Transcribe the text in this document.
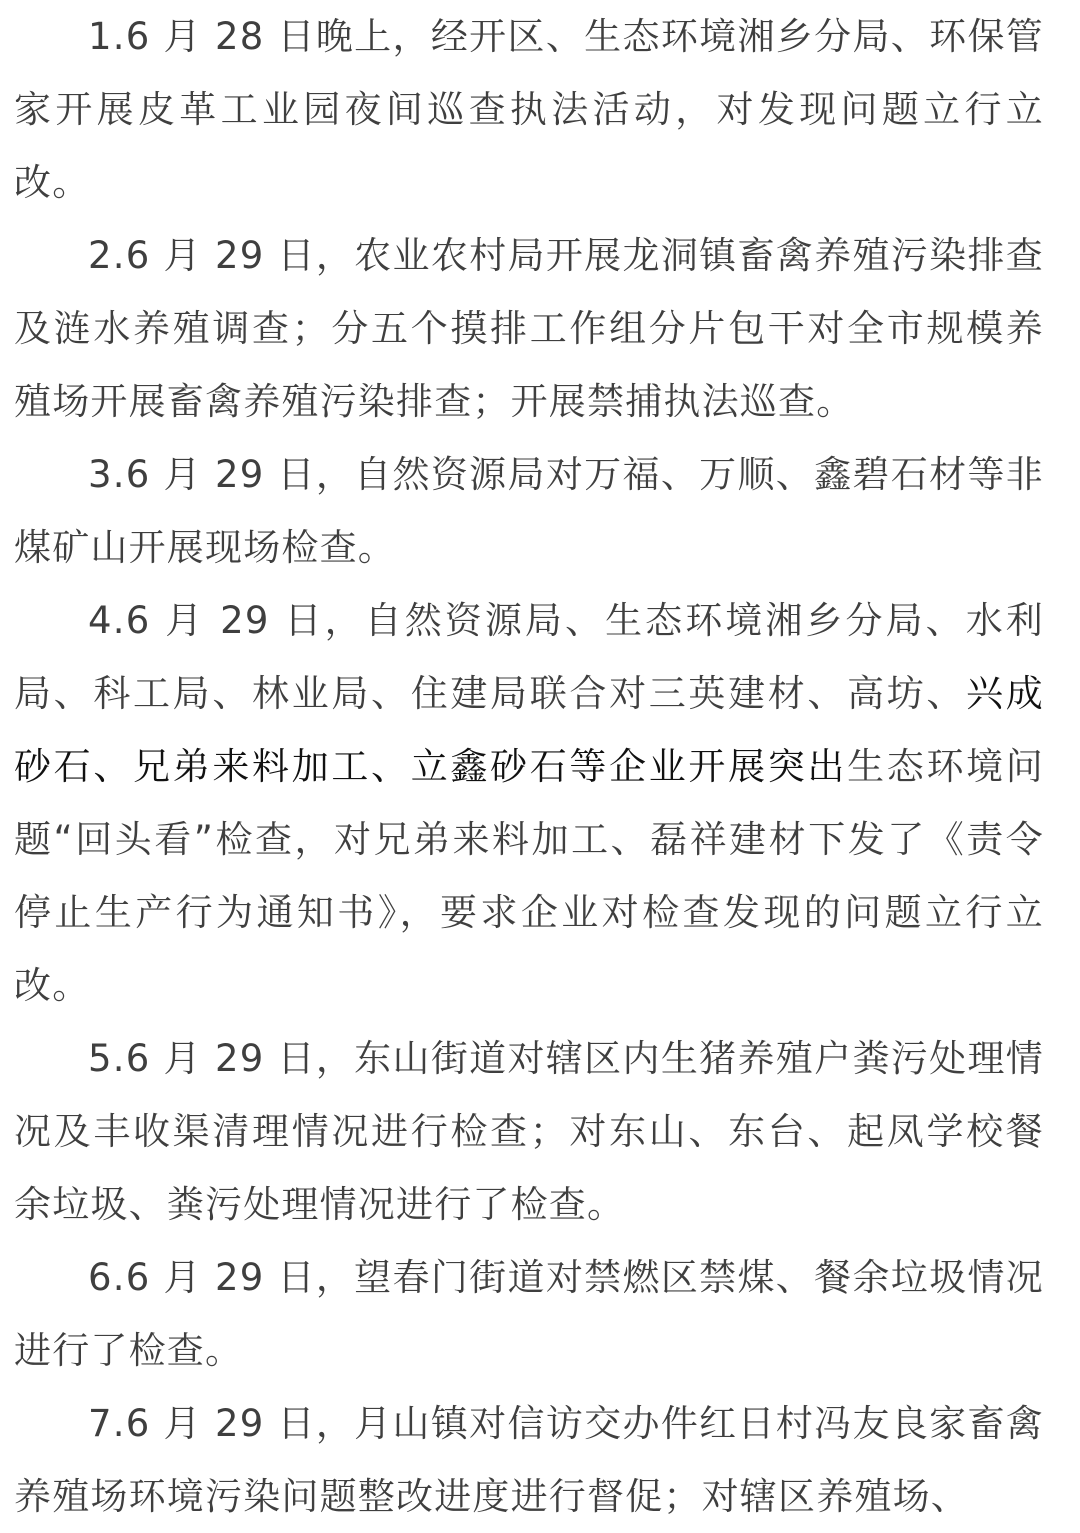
1.6 月 28 日晚上，经开区、生态环境湘乡分局、环保管家开展皮革工业园夜间巡查执法活动，对发现问题立行立改。

2.6 月 29 日，农业农村局开展龙洞镇畜禽养殖污染排查及涟水养殖调查；分五个摸排工作组分片包干对全市规模养殖场开展畜禽养殖污染排查；开展禁捕执法巡查。

3.6 月 29 日，自然资源局对万福、万顺、鑫碧石材等非煤矿山开展现场检查。

4.6 月 29 日，自然资源局、生态环境湘乡分局、水利局、科工局、林业局、住建局联合对三英建材、高坊、兴成砂石、兄弟来料加工、立鑫砂石等企业开展突出生态环境问题“回头看”检查，对兄弟来料加工、磊祥建材下发了《责令停止生产行为通知书》，要求企业对检查发现的问题立行立改。

5.6 月 29 日，东山街道对辖区内生猪养殖户粪污处理情况及丰收渠清理情况进行检查；对东山、东台、起凤学校餐余垃圾、粪污处理情况进行了检查。

6.6 月 29 日，望春门街道对禁燃区禁煤、餐余垃圾情况进行了检查。

7.6 月 29 日，月山镇对信访交办件红日村冯友良家畜禽养殖场环境污染问题整改进度进行督促；对辖区养殖场、
